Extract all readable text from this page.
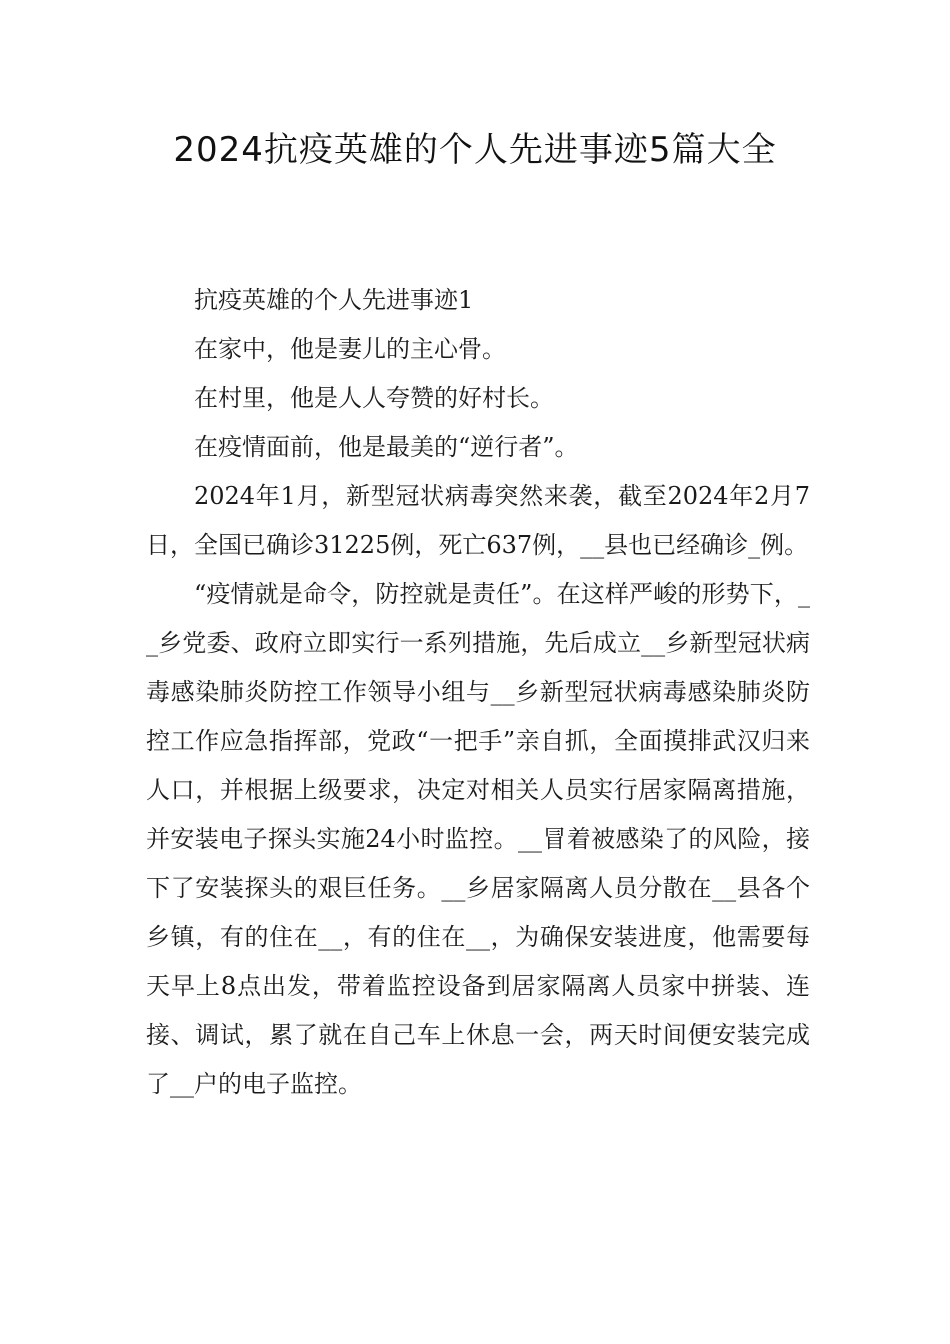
2024抗疫英雄的个人先进事迹5篇大全

抗疫英雄的个人先进事迹1

在家中，他是妻儿的主心骨。

在村里，他是人人夸赞的好村长。

在疫情面前，他是最美的“逆行者”。

2024年1月，新型冠状病毒突然来袭，截至2024年2月7日，全国已确诊31225例，死亡637例，__县也已经确诊_例。

“疫情就是命令，防控就是责任”。在这样严峻的形势下，__乡党委、政府立即实行一系列措施，先后成立__乡新型冠状病毒感染肺炎防控工作领导小组与__乡新型冠状病毒感染肺炎防控工作应急指挥部，党政“一把手”亲自抓，全面摸排武汉归来人口，并根据上级要求，决定对相关人员实行居家隔离措施，并安装电子探头实施24小时监控。__冒着被感染了的风险，接下了安装探头的艰巨任务。__乡居家隔离人员分散在__县各个乡镇，有的住在__，有的住在__，为确保安装进度，他需要每天早上8点出发，带着监控设备到居家隔离人员家中拼装、连接、调试，累了就在自己车上休息一会，两天时间便安装完成了__户的电子监控。
